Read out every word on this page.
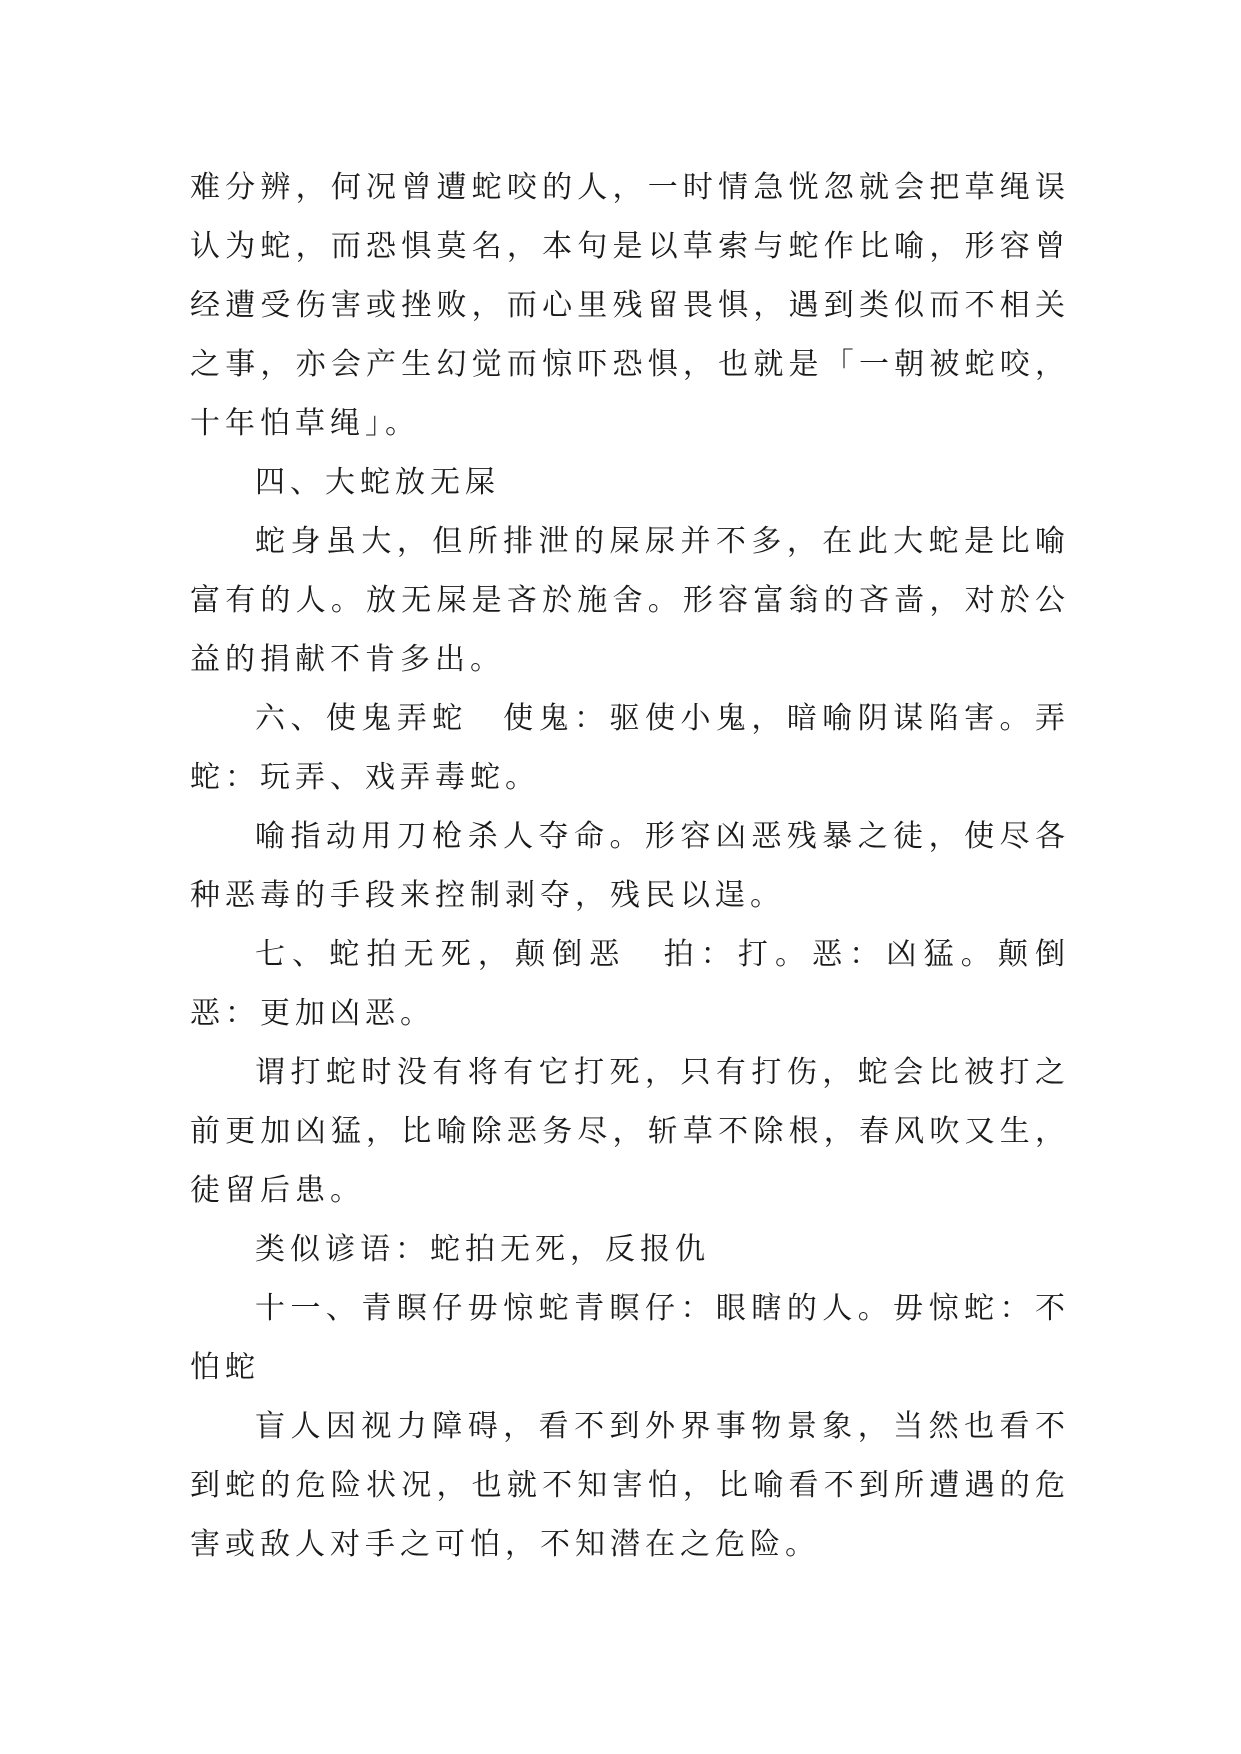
难分辨，何况曾遭蛇咬的人，一时情急恍忽就会把草绳误认为蛇，而恐惧莫名，本句是以草索与蛇作比喻，形容曾经遭受伤害或挫败，而心里残留畏惧，遇到类似而不相关之事，亦会产生幻觉而惊吓恐惧，也就是「一朝被蛇咬，十年怕草绳」。

四、大蛇放无屎

蛇身虽大，但所排泄的屎尿并不多，在此大蛇是比喻富有的人。放无屎是吝於施舍。形容富翁的吝啬，对於公益的捐献不肯多出。

六、使鬼弄蛇　使鬼：驱使小鬼，暗喻阴谋陷害。弄蛇：玩弄、戏弄毒蛇。

喻指动用刀枪杀人夺命。形容凶恶残暴之徒，使尽各种恶毒的手段来控制剥夺，残民以逞。

七、蛇拍无死，颠倒恶　拍：打。恶：凶猛。颠倒恶：更加凶恶。

谓打蛇时没有将有它打死，只有打伤，蛇会比被打之前更加凶猛，比喻除恶务尽，斩草不除根，春风吹又生，徒留后患。

类似谚语：蛇拍无死，反报仇

十一、青瞑仔毋惊蛇青瞑仔：眼瞎的人。毋惊蛇：不怕蛇

盲人因视力障碍，看不到外界事物景象，当然也看不到蛇的危险状况，也就不知害怕，比喻看不到所遭遇的危害或敌人对手之可怕，不知潜在之危险。
